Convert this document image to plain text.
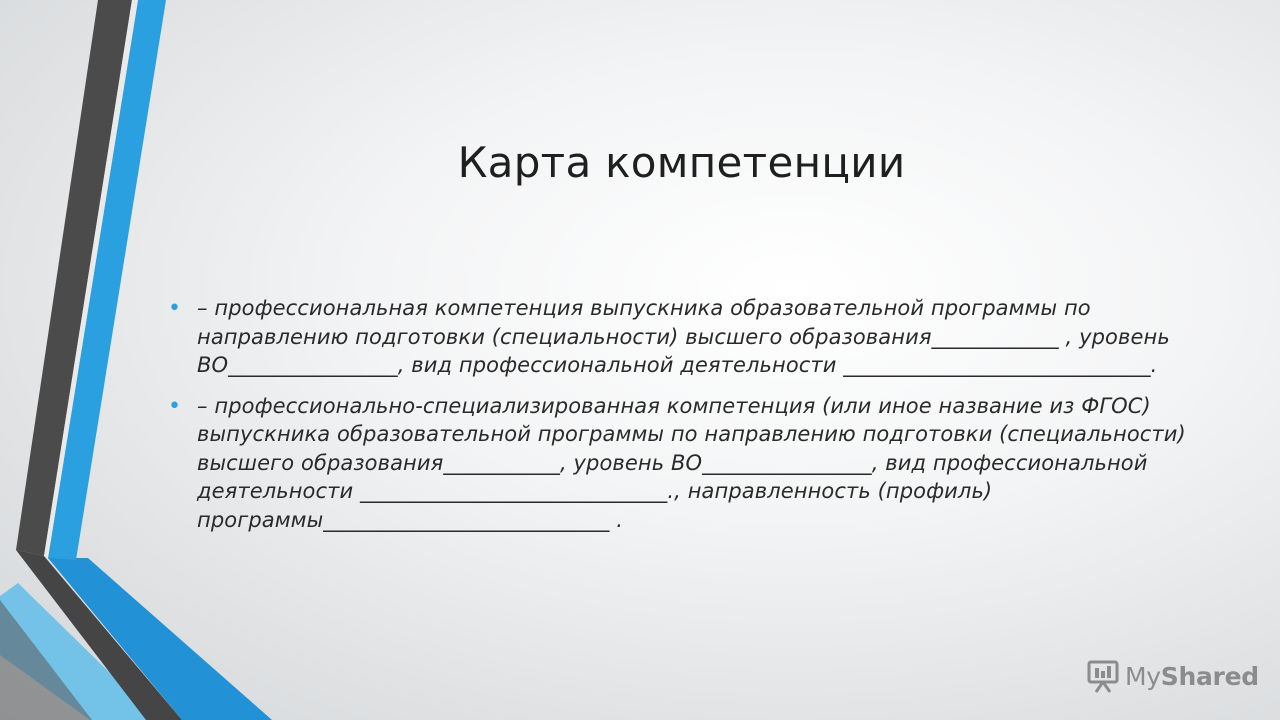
Карта компетенции
• – профессиональная компетенция выпускника образовательной программы по направлению подготовки (специальности) высшего образования____________ , уровень ВО________________, вид профессиональной деятельности _____________________________.
• – профессионально-специализированная компетенция (или иное название из ФГОС) выпускника образовательной программы по направлению подготовки (специальности) высшего образования___________, уровень ВО________________, вид профессиональной деятельности _____________________________., направленность (профиль) программы___________________________ .
MyShared
